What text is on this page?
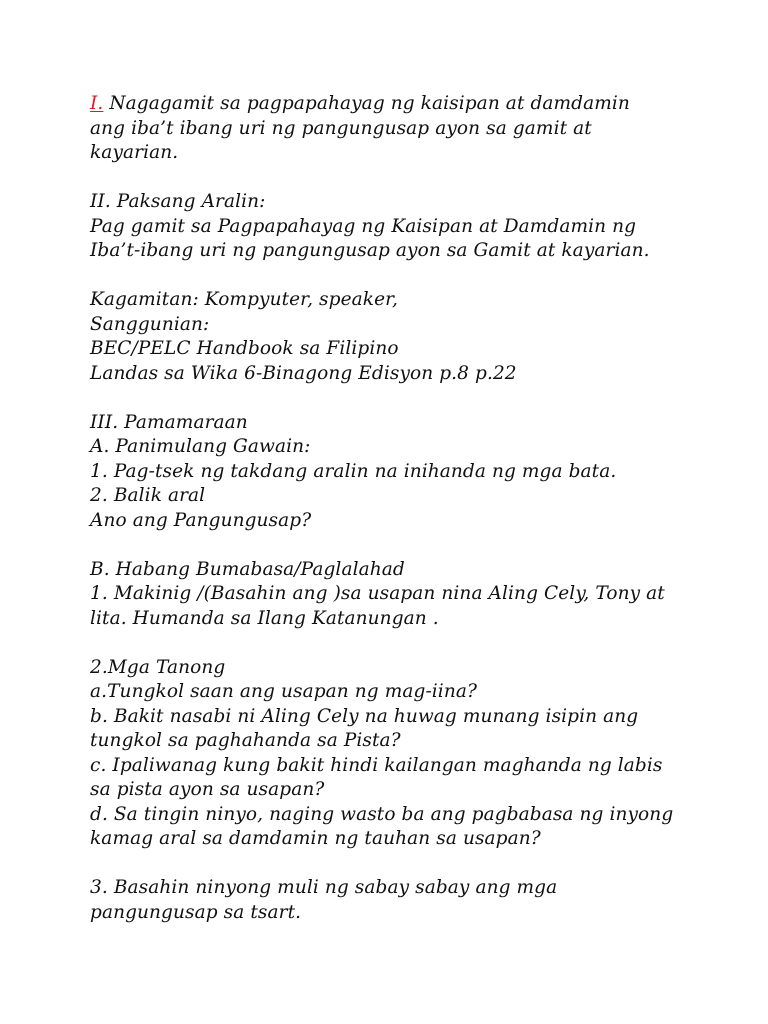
I. Nagagamit sa pagpapahayag ng kaisipan at damdamin
ang iba’t ibang uri ng pangungusap ayon sa gamit at
kayarian.
II. Paksang Aralin:
Pag gamit sa Pagpapahayag ng Kaisipan at Damdamin ng
Iba’t-ibang uri ng pangungusap ayon sa Gamit at kayarian.
Kagamitan: Kompyuter, speaker,
Sanggunian:
BEC/PELC Handbook sa Filipino
Landas sa Wika 6-Binagong Edisyon p.8 p.22
III. Pamamaraan
A. Panimulang Gawain:
1. Pag-tsek ng takdang aralin na inihanda ng mga bata.
2. Balik aral
Ano ang Pangungusap?
B. Habang Bumabasa/Paglalahad
1. Makinig /(Basahin ang )sa usapan nina Aling Cely, Tony at
lita. Humanda sa Ilang Katanungan .
2.Mga Tanong
a.Tungkol saan ang usapan ng mag-iina?
b. Bakit nasabi ni Aling Cely na huwag munang isipin ang
tungkol sa paghahanda sa Pista?
c. Ipaliwanag kung bakit hindi kailangan maghanda ng labis
sa pista ayon sa usapan?
d. Sa tingin ninyo, naging wasto ba ang pagbabasa ng inyong
kamag aral sa damdamin ng tauhan sa usapan?
3. Basahin ninyong muli ng sabay sabay ang mga
pangungusap sa tsart.
